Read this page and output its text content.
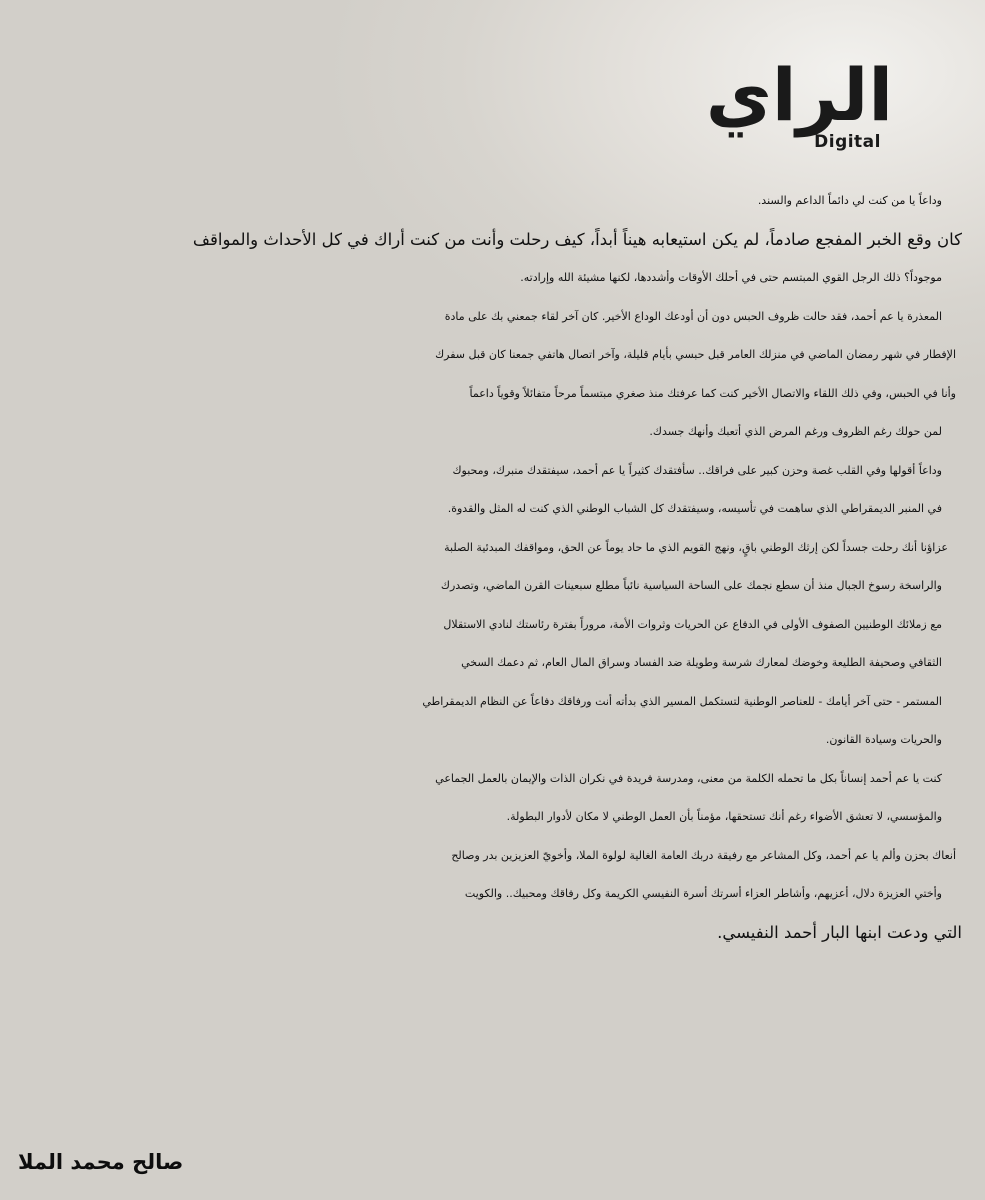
الراي
Digital
وداعاً يا من كنت لي دائماً الداعم والسند.
كان وقع الخبر المفجع صادماً، لم يكن استيعابه هيناً أبداً، كيف رحلت وأنت من كنت أراك في كل الأحداث والمواقف
موجوداً؟ ذلك الرجل القوي المبتسم حتى في أحلك الأوقات وأشددها، لكنها مشيئة الله وإرادته.
المعذرة يا عم أحمد، فقد حالت ظروف الحبس دون أن أودعك الوداع الأخير. كان آخر لقاء جمعني بك على مادة
الإفطار في شهر رمضان الماضي في منزلك العامر قبل حبسي بأيام قليلة، وآخر اتصال هاتفي جمعنا كان قبل سفرك
وأنا في الحبس، وفي ذلك اللقاء والاتصال الأخير كنت كما عرفتك منذ صغري مبتسماً مرحاً متفائلاً وقوياً داعماً
لمن حولك رغم الظروف ورغم المرض الذي أتعبك وأنهك جسدك.
وداعاً أقولها وفي القلب غصة وحزن كبير على فراقك.. سأفتقدك كثيراً يا عم أحمد، سيفتقدك منبرك، ومحبوك
في المنبر الديمقراطي الذي ساهمت في تأسيسه، وسيفتقدك كل الشباب الوطني الذي كنت له المثل والقدوة.
عزاؤنا أنك رحلت جسداً لكن إرثك الوطني باقٍ، ونهج القويم الذي ما حاد يوماً عن الحق، ومواقفك المبدئية الصلبة
والراسخة رسوخ الجبال منذ أن سطع نجمك على الساحة السياسية نائباً مطلع سبعينات القرن الماضي، وتصدرك
مع زملائك الوطنيين الصفوف الأولى في الدفاع عن الحريات وثروات الأمة، مروراً بفترة رئاستك لنادي الاستقلال
الثقافي وصحيفة الطليعة وخوضك لمعارك شرسة وطويلة ضد الفساد وسراق المال العام، ثم دعمك السخي
المستمر - حتى آخر أيامك - للعناصر الوطنية لتستكمل المسير الذي بدأته أنت ورفاقك دفاعاً عن النظام الديمقراطي
والحريات وسيادة القانون.
كنت يا عم أحمد إنساناً بكل ما تحمله الكلمة من معنى، ومدرسة فريدة في نكران الذات والإيمان بالعمل الجماعي
والمؤسسي، لا تعشق الأضواء رغم أنك تستحقها، مؤمناً بأن العمل الوطني لا مكان لأدوار البطولة.
أنعاك بحزن وألم يا عم أحمد، وكل المشاعر مع رفيقة دربك العامة الغالية لولوة الملا، وأخويّ العزيزين بدر وصالح
وأختي العزيزة دلال، أعزيهم، وأشاطر العزاء أسرتك أسرة النفيسي الكريمة وكل رفاقك ومحبيك.. والكويت
التي ودعت ابنها البار أحمد النفيسي.
صالح محمد الملا
